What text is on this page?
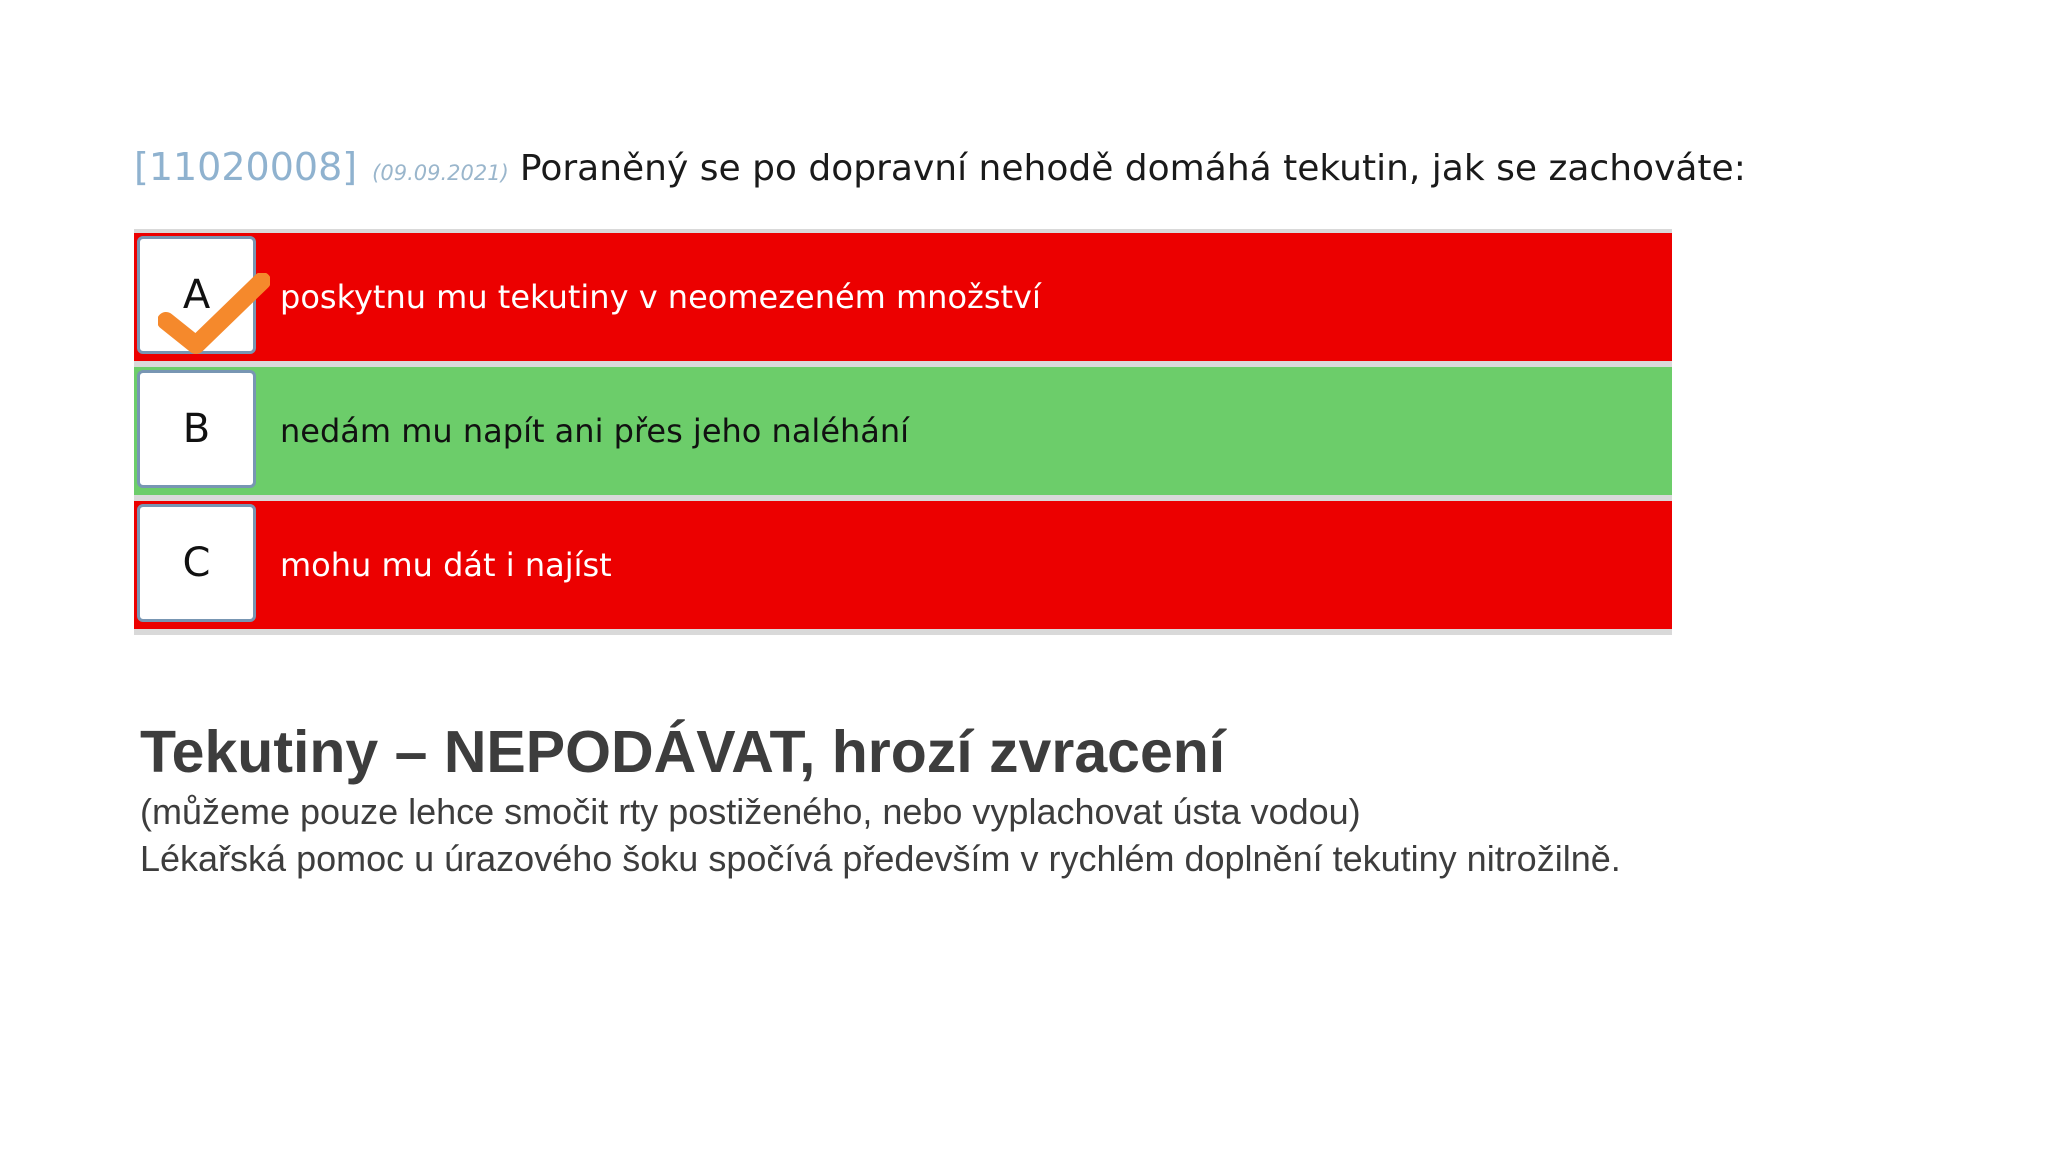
[11020008] (09.09.2021) Poraněný se po dopravní nehodě domáhá tekutin, jak se zachováte:
A poskytnu mu tekutiny v neomezeném množství
B nedám mu napít ani přes jeho naléhání
C mohu mu dát i najíst
Tekutiny – NEPODÁVAT, hrozí zvracení
(můžeme pouze lehce smočit rty postiženého, nebo vyplachovat ústa vodou)
Lékařská pomoc u úrazového šoku spočívá především v rychlém doplnění tekutiny nitrožilně.
